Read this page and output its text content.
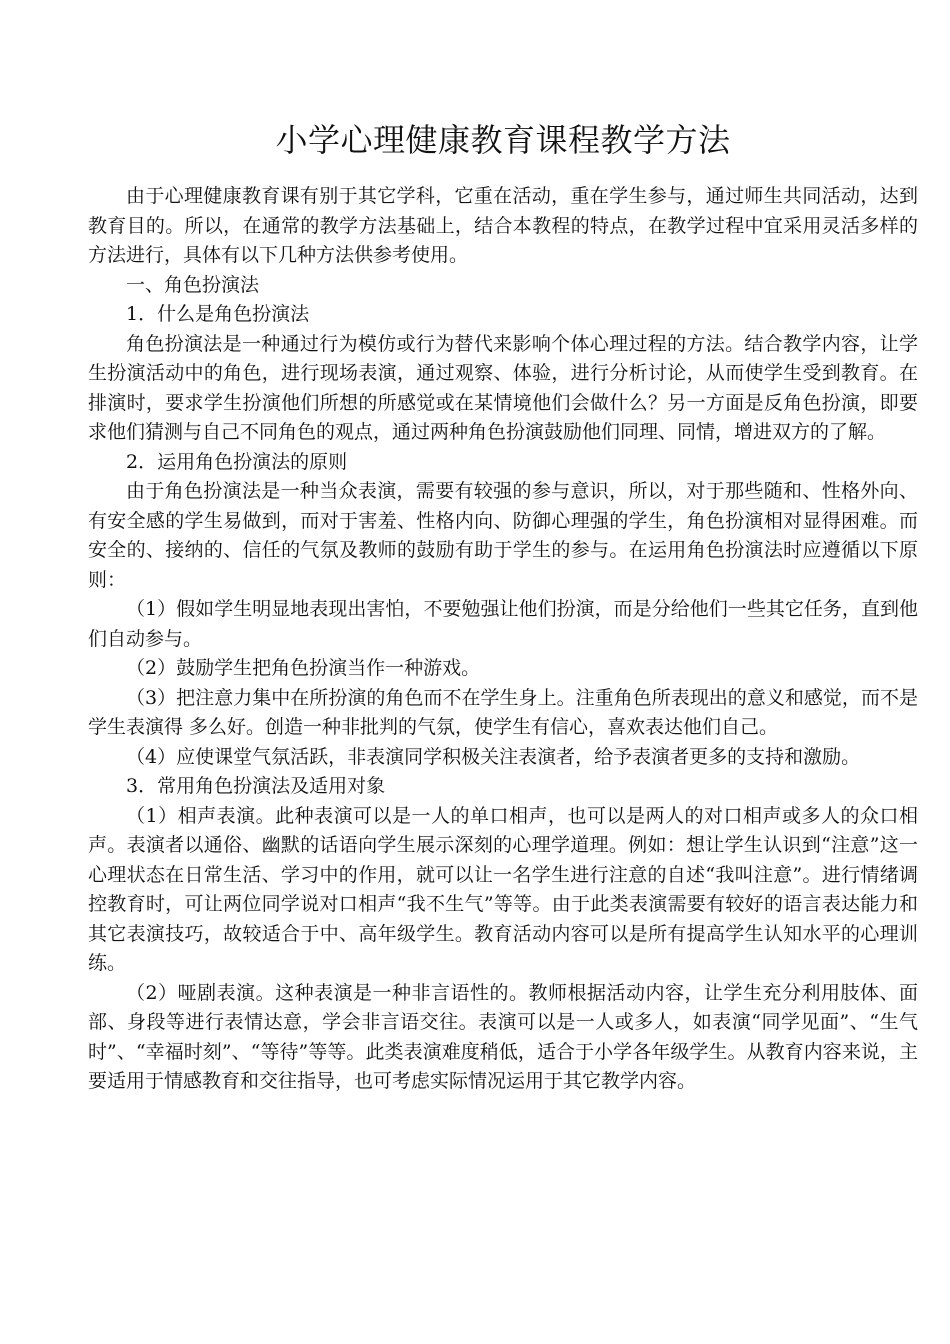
小学心理健康教育课程教学方法

由于心理健康教育课有别于其它学科，它重在活动，重在学生参与，通过师生共同活动，达到教育目的。所以，在通常的教学方法基础上，结合本教程的特点，在教学过程中宜采用灵活多样的方法进行，具体有以下几种方法供参考使用。

一、角色扮演法

1．什么是角色扮演法

角色扮演法是一种通过行为模仿或行为替代来影响个体心理过程的方法。结合教学内容，让学生扮演活动中的角色，进行现场表演，通过观察、体验，进行分析讨论，从而使学生受到教育。在排演时，要求学生扮演他们所想的所感觉或在某情境他们会做什么？另一方面是反角色扮演，即要求他们猜测与自己不同角色的观点，通过两种角色扮演鼓励他们同理、同情，增进双方的了解。

2．运用角色扮演法的原则

由于角色扮演法是一种当众表演，需要有较强的参与意识，所以，对于那些随和、性格外向、有安全感的学生易做到，而对于害羞、性格内向、防御心理强的学生，角色扮演相对显得困难。而安全的、接纳的、信任的气氛及教师的鼓励有助于学生的参与。在运用角色扮演法时应遵循以下原则：

（1）假如学生明显地表现出害怕，不要勉强让他们扮演，而是分给他们一些其它任务，直到他们自动参与。

（2）鼓励学生把角色扮演当作一种游戏。

（3）把注意力集中在所扮演的角色而不在学生身上。注重角色所表现出的意义和感觉，而不是学生表演得 多么好。创造一种非批判的气氛，使学生有信心，喜欢表达他们自己。

（4）应使课堂气氛活跃，非表演同学积极关注表演者，给予表演者更多的支持和激励。

3．常用角色扮演法及适用对象

（1）相声表演。此种表演可以是一人的单口相声，也可以是两人的对口相声或多人的众口相声。表演者以通俗、幽默的话语向学生展示深刻的心理学道理。例如：想让学生认识到“注意”这一心理状态在日常生活、学习中的作用，就可以让一名学生进行注意的自述“我叫注意”。进行情绪调控教育时，可让两位同学说对口相声“我不生气”等等。由于此类表演需要有较好的语言表达能力和其它表演技巧，故较适合于中、高年级学生。教育活动内容可以是所有提高学生认知水平的心理训练。

（2）哑剧表演。这种表演是一种非言语性的。教师根据活动内容，让学生充分利用肢体、面部、身段等进行表情达意，学会非言语交往。表演可以是一人或多人，如表演“同学见面”、“生气时”、“幸福时刻”、“等待”等等。此类表演难度稍低，适合于小学各年级学生。从教育内容来说，主要适用于情感教育和交往指导，也可考虑实际情况运用于其它教学内容。
